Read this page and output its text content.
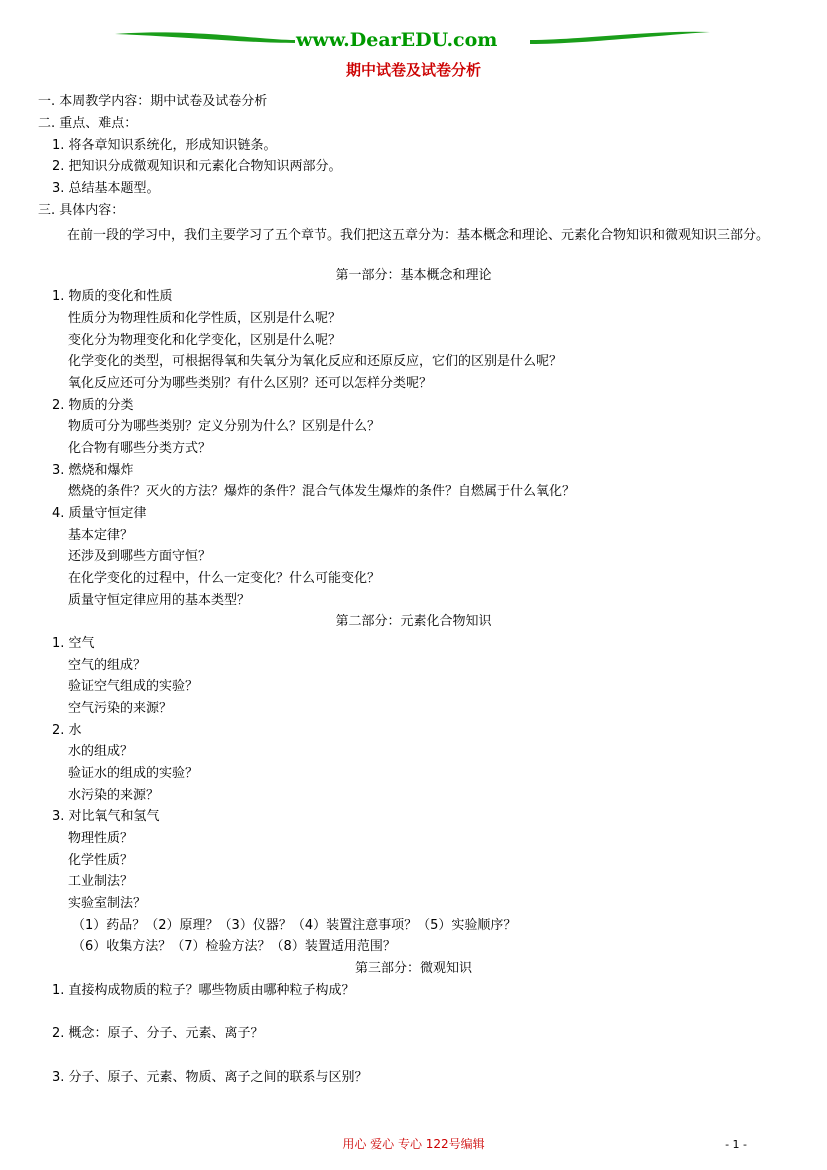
www.DearEDU.com
期中试卷及试卷分析
一. 本周教学内容：期中试卷及试卷分析
二. 重点、难点：
1. 将各章知识系统化，形成知识链条。
2. 把知识分成微观知识和元素化合物知识两部分。
3. 总结基本题型。
三. 具体内容：
在前一段的学习中，我们主要学习了五个章节。我们把这五章分为：基本概念和理论、元素化合物知识和微观知识三部分。
第一部分：基本概念和理论
1. 物质的变化和性质
性质分为物理性质和化学性质，区别是什么呢？
变化分为物理变化和化学变化，区别是什么呢？
化学变化的类型，可根据得氧和失氧分为氧化反应和还原反应，它们的区别是什么呢？
氧化反应还可分为哪些类别？有什么区别？还可以怎样分类呢？
2. 物质的分类
物质可分为哪些类别？定义分别为什么？区别是什么？
化合物有哪些分类方式？
3. 燃烧和爆炸
燃烧的条件？灭火的方法？爆炸的条件？混合气体发生爆炸的条件？自燃属于什么氧化？
4. 质量守恒定律
基本定律？
还涉及到哪些方面守恒？
在化学变化的过程中，什么一定变化？什么可能变化？
质量守恒定律应用的基本类型？
第二部分：元素化合物知识
1. 空气
空气的组成？
验证空气组成的实验？
空气污染的来源？
2. 水
水的组成？
验证水的组成的实验？
水污染的来源？
3. 对比氧气和氢气
物理性质？
化学性质？
工业制法？
实验室制法？
（1）药品？（2）原理？（3）仪器？（4）装置注意事项？（5）实验顺序？
（6）收集方法？（7）检验方法？（8）装置适用范围？
第三部分：微观知识
1. 直接构成物质的粒子？哪些物质由哪种粒子构成？
2. 概念：原子、分子、元素、离子？
3. 分子、原子、元素、物质、离子之间的联系与区别？
用心 爱心 专心 122号编辑	- 1 -
